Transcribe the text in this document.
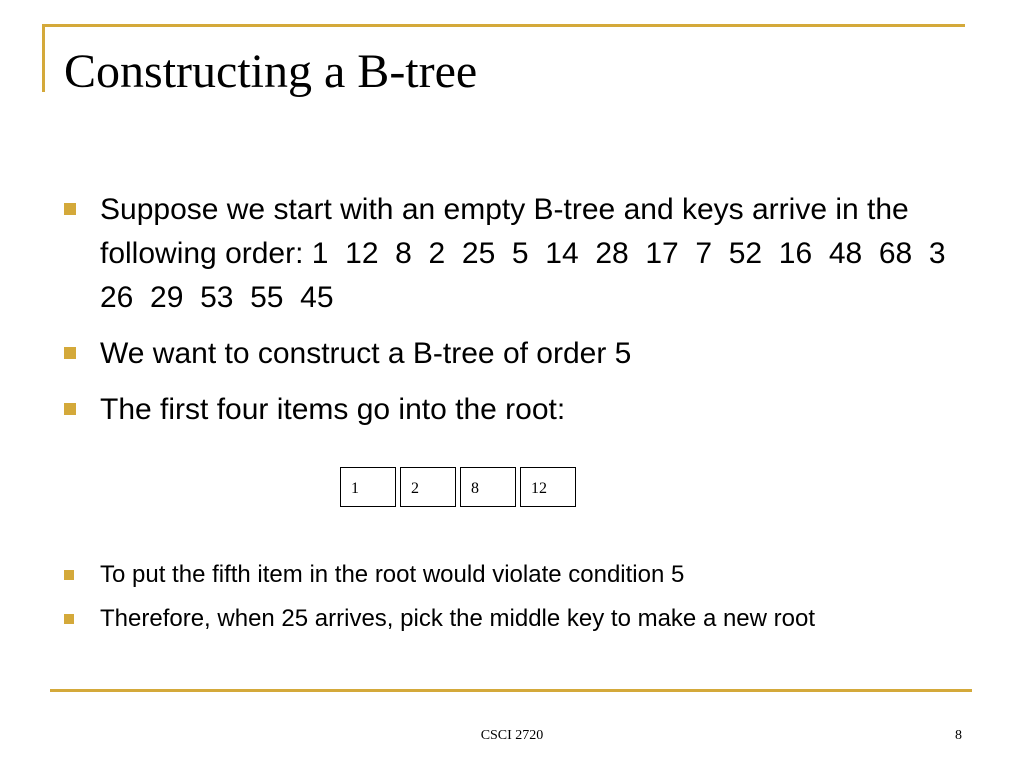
Constructing a B-tree
Suppose we start with an empty B-tree and keys arrive in the following order: 1  12  8  2  25  5  14  28  17  7  52  16  48  68  3  26  29  53  55  45
We want to construct a B-tree of order 5
The first four items go into the root:
1	2	8	12
To put the fifth item in the root would violate condition 5
Therefore, when 25 arrives, pick the middle key to make a new root
CSCI 2720	8
